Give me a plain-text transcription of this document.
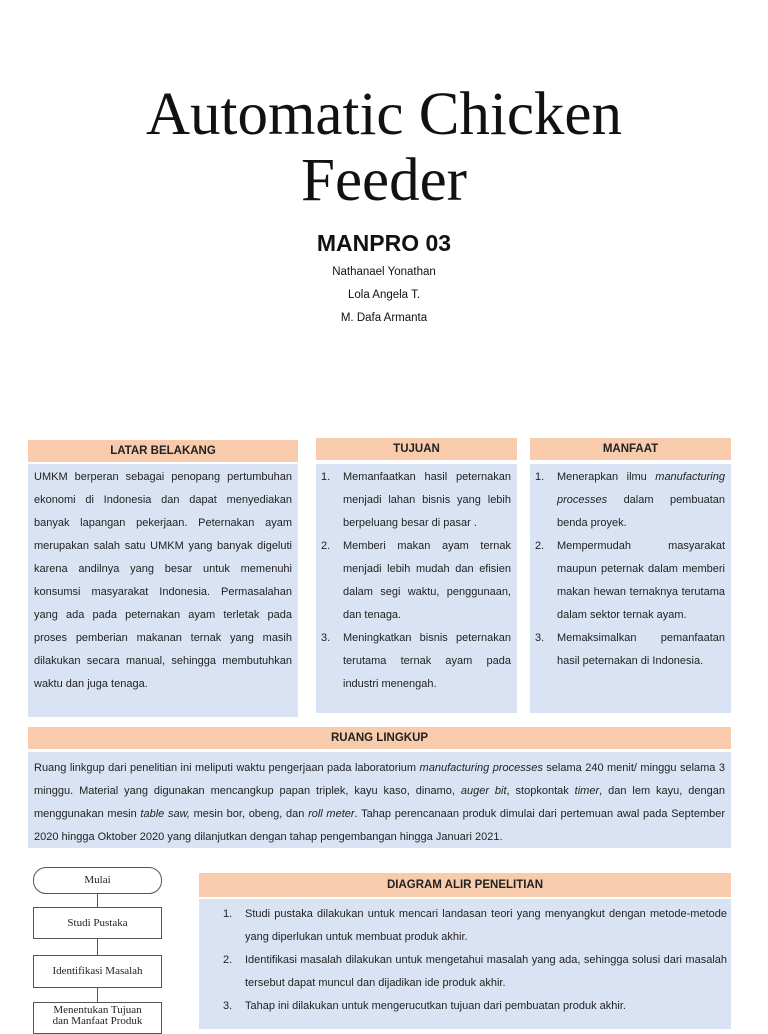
Automatic Chicken
Feeder
MANPRO 03
Nathanael Yonathan
Lola Angela T.
M. Dafa Armanta
LATAR BELAKANG
UMKM berperan sebagai penopang pertumbuhan ekonomi di Indonesia dan dapat menyediakan banyak lapangan pekerjaan. Peternakan ayam merupakan salah satu UMKM yang banyak digeluti karena andilnya yang besar untuk memenuhi konsumsi masyarakat Indonesia. Permasalahan yang ada pada peternakan ayam terletak pada proses pemberian makanan ternak yang masih dilakukan secara manual, sehingga membutuhkan waktu dan juga tenaga.
TUJUAN
1. Memanfaatkan hasil peternakan menjadi lahan bisnis yang lebih berpeluang besar di pasar .
2. Memberi makan ayam ternak menjadi lebih mudah dan efisien dalam segi waktu, penggunaan, dan tenaga.
3. Meningkatkan bisnis peternakan terutama ternak ayam pada industri menengah.
MANFAAT
1. Menerapkan ilmu manufacturing processes dalam pembuatan benda proyek.
2. Mempermudah masyarakat maupun peternak dalam memberi makan hewan ternaknya terutama dalam sektor ternak ayam.
3. Memaksimalkan pemanfaatan hasil peternakan di Indonesia.
RUANG LINGKUP
Ruang linkgup dari penelitian ini meliputi waktu pengerjaan pada laboratorium manufacturing processes selama 240 menit/ minggu selama 3 minggu. Material yang digunakan mencangkup papan triplek, kayu kaso, dinamo, auger bit, stopkontak timer, dan lem kayu, dengan menggunakan mesin table saw, mesin bor, obeng, dan roll meter. Tahap perencanaan produk dimulai dari pertemuan awal pada September 2020 hingga Oktober 2020 yang dilanjutkan dengan tahap pengembangan hingga Januari 2021.
Mulai
Studi Pustaka
Identifikasi Masalah
Menentukan Tujuan
dan Manfaat Produk
DIAGRAM ALIR PENELITIAN
1. Studi pustaka dilakukan untuk mencari landasan teori yang menyangkut dengan metode-metode yang diperlukan untuk membuat produk akhir.
2. Identifikasi masalah dilakukan untuk mengetahui masalah yang ada, sehingga solusi dari masalah tersebut dapat muncul dan dijadikan ide produk akhir.
3. Tahap ini dilakukan untuk mengerucutkan tujuan dari pembuatan produk akhir.
